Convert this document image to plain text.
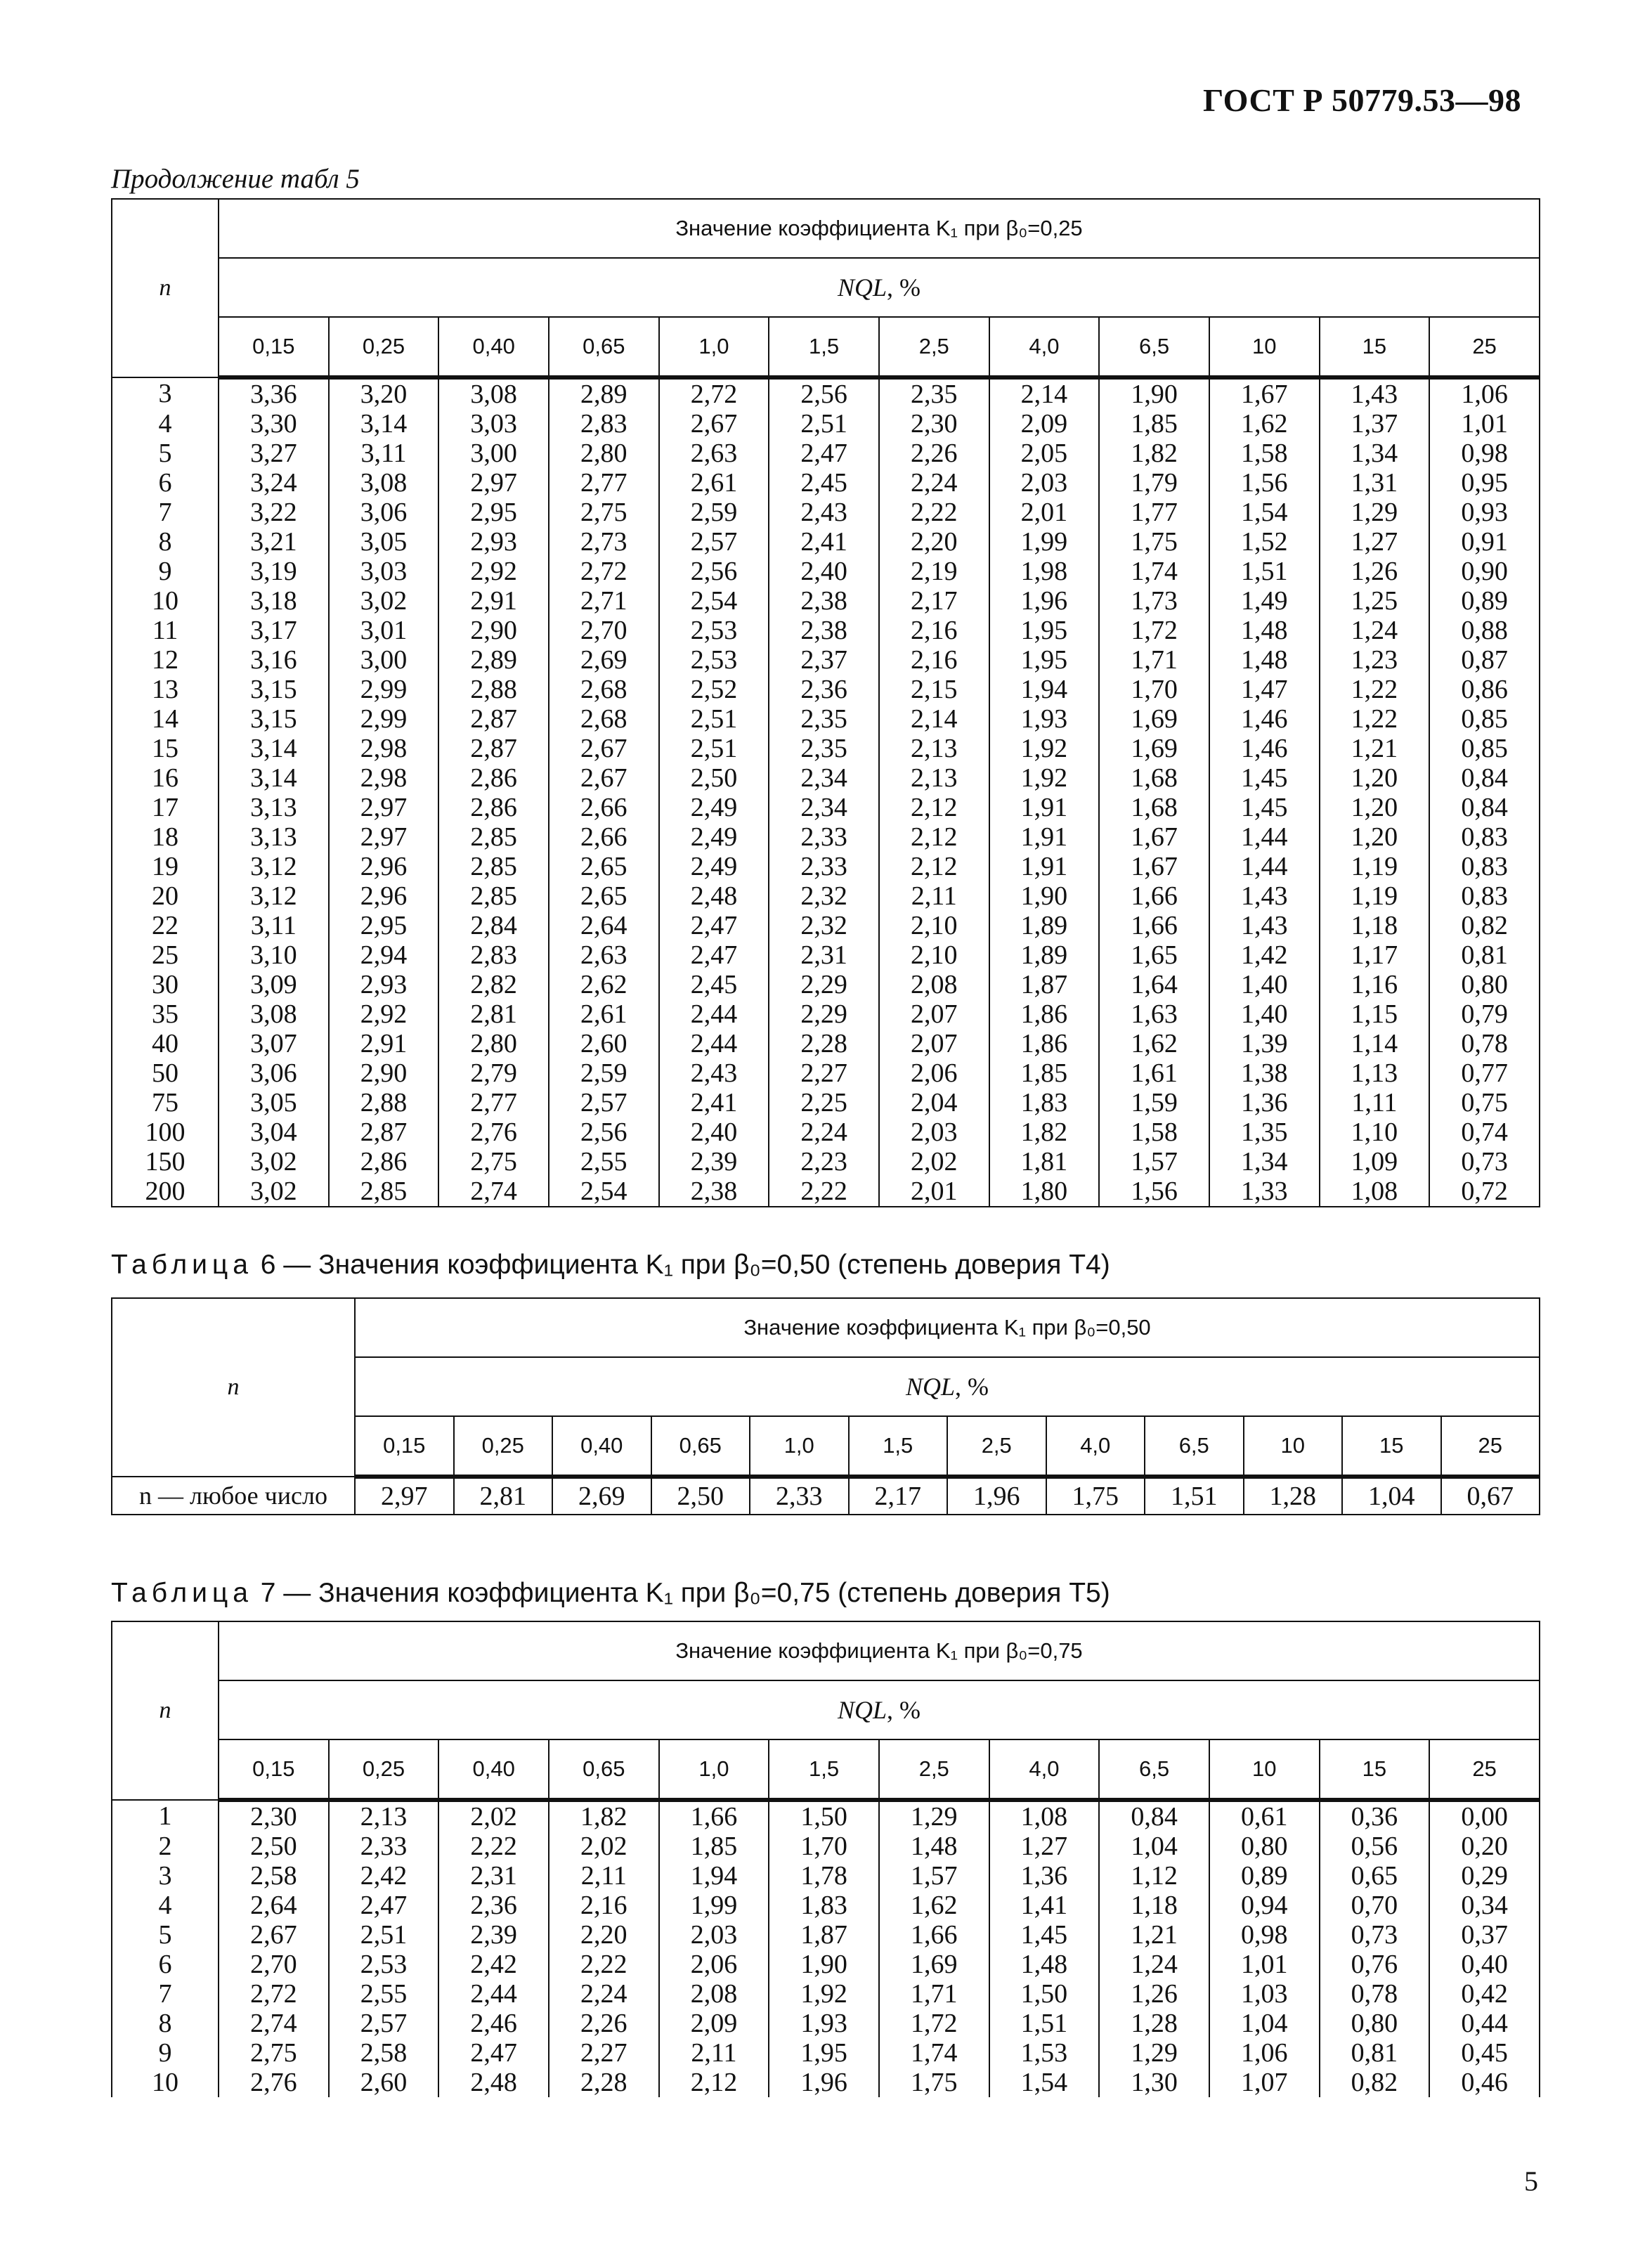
ГОСТ Р 50779.53—98
Продолжение табл 5
n	Значение коэффициента K₁ при β₀=0,25											
	NQL, %											
	0,15	0,25	0,40	0,65	1,0	1,5	2,5	4,0	6,5	10	15	25
3	3,36	3,20	3,08	2,89	2,72	2,56	2,35	2,14	1,90	1,67	1,43	1,06
4	3,30	3,14	3,03	2,83	2,67	2,51	2,30	2,09	1,85	1,62	1,37	1,01
5	3,27	3,11	3,00	2,80	2,63	2,47	2,26	2,05	1,82	1,58	1,34	0,98
6	3,24	3,08	2,97	2,77	2,61	2,45	2,24	2,03	1,79	1,56	1,31	0,95
7	3,22	3,06	2,95	2,75	2,59	2,43	2,22	2,01	1,77	1,54	1,29	0,93
8	3,21	3,05	2,93	2,73	2,57	2,41	2,20	1,99	1,75	1,52	1,27	0,91
9	3,19	3,03	2,92	2,72	2,56	2,40	2,19	1,98	1,74	1,51	1,26	0,90
10	3,18	3,02	2,91	2,71	2,54	2,38	2,17	1,96	1,73	1,49	1,25	0,89
11	3,17	3,01	2,90	2,70	2,53	2,38	2,16	1,95	1,72	1,48	1,24	0,88
12	3,16	3,00	2,89	2,69	2,53	2,37	2,16	1,95	1,71	1,48	1,23	0,87
13	3,15	2,99	2,88	2,68	2,52	2,36	2,15	1,94	1,70	1,47	1,22	0,86
14	3,15	2,99	2,87	2,68	2,51	2,35	2,14	1,93	1,69	1,46	1,22	0,85
15	3,14	2,98	2,87	2,67	2,51	2,35	2,13	1,92	1,69	1,46	1,21	0,85
16	3,14	2,98	2,86	2,67	2,50	2,34	2,13	1,92	1,68	1,45	1,20	0,84
17	3,13	2,97	2,86	2,66	2,49	2,34	2,12	1,91	1,68	1,45	1,20	0,84
18	3,13	2,97	2,85	2,66	2,49	2,33	2,12	1,91	1,67	1,44	1,20	0,83
19	3,12	2,96	2,85	2,65	2,49	2,33	2,12	1,91	1,67	1,44	1,19	0,83
20	3,12	2,96	2,85	2,65	2,48	2,32	2,11	1,90	1,66	1,43	1,19	0,83
22	3,11	2,95	2,84	2,64	2,47	2,32	2,10	1,89	1,66	1,43	1,18	0,82
25	3,10	2,94	2,83	2,63	2,47	2,31	2,10	1,89	1,65	1,42	1,17	0,81
30	3,09	2,93	2,82	2,62	2,45	2,29	2,08	1,87	1,64	1,40	1,16	0,80
35	3,08	2,92	2,81	2,61	2,44	2,29	2,07	1,86	1,63	1,40	1,15	0,79
40	3,07	2,91	2,80	2,60	2,44	2,28	2,07	1,86	1,62	1,39	1,14	0,78
50	3,06	2,90	2,79	2,59	2,43	2,27	2,06	1,85	1,61	1,38	1,13	0,77
75	3,05	2,88	2,77	2,57	2,41	2,25	2,04	1,83	1,59	1,36	1,11	0,75
100	3,04	2,87	2,76	2,56	2,40	2,24	2,03	1,82	1,58	1,35	1,10	0,74
150	3,02	2,86	2,75	2,55	2,39	2,23	2,02	1,81	1,57	1,34	1,09	0,73
200	3,02	2,85	2,74	2,54	2,38	2,22	2,01	1,80	1,56	1,33	1,08	0,72
Таблица 6 — Значения коэффициента K₁ при β₀=0,50 (степень доверия Т4)
n	Значение коэффициента K₁ при β₀=0,50											
	NQL, %											
	0,15	0,25	0,40	0,65	1,0	1,5	2,5	4,0	6,5	10	15	25
n — любое число	2,97	2,81	2,69	2,50	2,33	2,17	1,96	1,75	1,51	1,28	1,04	0,67
Таблица 7 — Значения коэффициента K₁ при β₀=0,75 (степень доверия Т5)
n	Значение коэффициента K₁ при β₀=0,75											
	NQL, %											
	0,15	0,25	0,40	0,65	1,0	1,5	2,5	4,0	6,5	10	15	25
1	2,30	2,13	2,02	1,82	1,66	1,50	1,29	1,08	0,84	0,61	0,36	0,00
2	2,50	2,33	2,22	2,02	1,85	1,70	1,48	1,27	1,04	0,80	0,56	0,20
3	2,58	2,42	2,31	2,11	1,94	1,78	1,57	1,36	1,12	0,89	0,65	0,29
4	2,64	2,47	2,36	2,16	1,99	1,83	1,62	1,41	1,18	0,94	0,70	0,34
5	2,67	2,51	2,39	2,20	2,03	1,87	1,66	1,45	1,21	0,98	0,73	0,37
6	2,70	2,53	2,42	2,22	2,06	1,90	1,69	1,48	1,24	1,01	0,76	0,40
7	2,72	2,55	2,44	2,24	2,08	1,92	1,71	1,50	1,26	1,03	0,78	0,42
8	2,74	2,57	2,46	2,26	2,09	1,93	1,72	1,51	1,28	1,04	0,80	0,44
9	2,75	2,58	2,47	2,27	2,11	1,95	1,74	1,53	1,29	1,06	0,81	0,45
10	2,76	2,60	2,48	2,28	2,12	1,96	1,75	1,54	1,30	1,07	0,82	0,46
5
